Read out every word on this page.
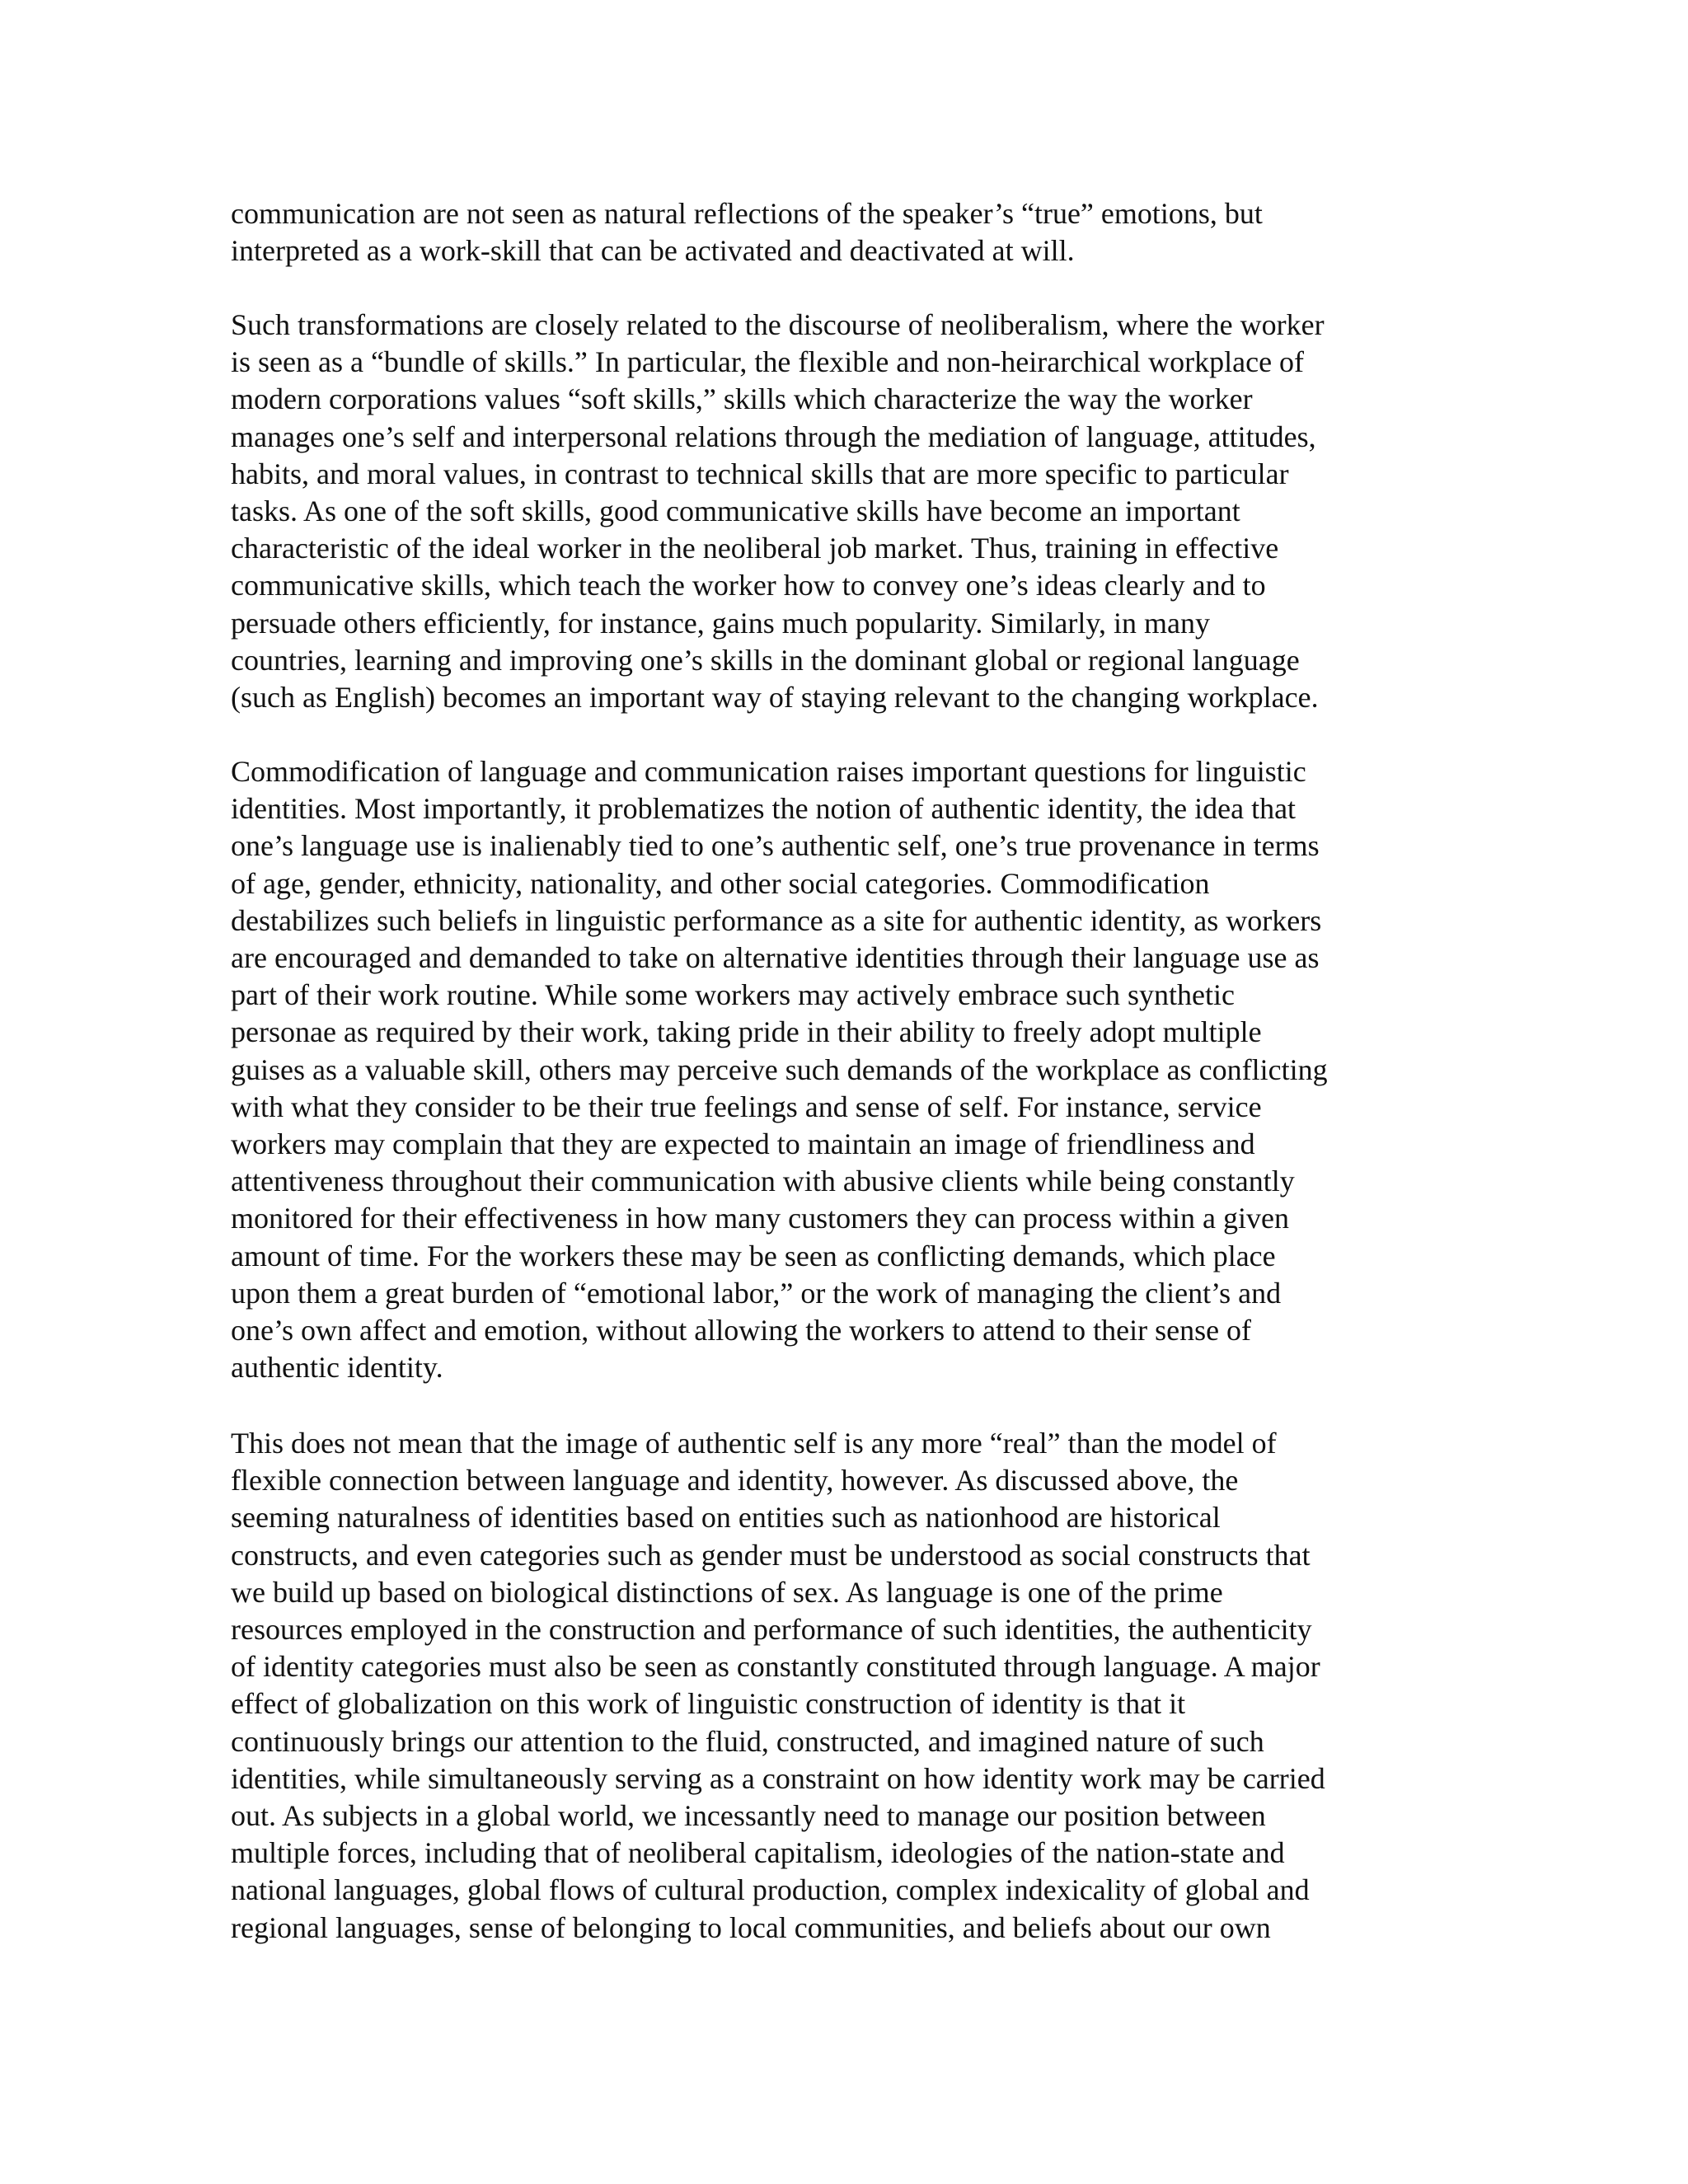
communication are not seen as natural reflections of the speaker’s “true” emotions, but
interpreted as a work-skill that can be activated and deactivated at will.
Such transformations are closely related to the discourse of neoliberalism, where the worker
is seen as a “bundle of skills.” In particular, the flexible and non-heirarchical workplace of
modern corporations values “soft skills,” skills which characterize the way the worker
manages one’s self and interpersonal relations through the mediation of language, attitudes,
habits, and moral values, in contrast to technical skills that are more specific to particular
tasks. As one of the soft skills, good communicative skills have become an important
characteristic of the ideal worker in the neoliberal job market. Thus, training in effective
communicative skills, which teach the worker how to convey one’s ideas clearly and to
persuade others efficiently, for instance, gains much popularity. Similarly, in many
countries, learning and improving one’s skills in the dominant global or regional language
(such as English) becomes an important way of staying relevant to the changing workplace.
Commodification of language and communication raises important questions for linguistic
identities. Most importantly, it problematizes the notion of authentic identity, the idea that
one’s language use is inalienably tied to one’s authentic self, one’s true provenance in terms
of age, gender, ethnicity, nationality, and other social categories. Commodification
destabilizes such beliefs in linguistic performance as a site for authentic identity, as workers
are encouraged and demanded to take on alternative identities through their language use as
part of their work routine. While some workers may actively embrace such synthetic
personae as required by their work, taking pride in their ability to freely adopt multiple
guises as a valuable skill, others may perceive such demands of the workplace as conflicting
with what they consider to be their true feelings and sense of self. For instance, service
workers may complain that they are expected to maintain an image of friendliness and
attentiveness throughout their communication with abusive clients while being constantly
monitored for their effectiveness in how many customers they can process within a given
amount of time. For the workers these may be seen as conflicting demands, which place
upon them a great burden of “emotional labor,” or the work of managing the client’s and
one’s own affect and emotion, without allowing the workers to attend to their sense of
authentic identity.
This does not mean that the image of authentic self is any more “real” than the model of
flexible connection between language and identity, however. As discussed above, the
seeming naturalness of identities based on entities such as nationhood are historical
constructs, and even categories such as gender must be understood as social constructs that
we build up based on biological distinctions of sex. As language is one of the prime
resources employed in the construction and performance of such identities, the authenticity
of identity categories must also be seen as constantly constituted through language. A major
effect of globalization on this work of linguistic construction of identity is that it
continuously brings our attention to the fluid, constructed, and imagined nature of such
identities, while simultaneously serving as a constraint on how identity work may be carried
out. As subjects in a global world, we incessantly need to manage our position between
multiple forces, including that of neoliberal capitalism, ideologies of the nation-state and
national languages, global flows of cultural production, complex indexicality of global and
regional languages, sense of belonging to local communities, and beliefs about our own
